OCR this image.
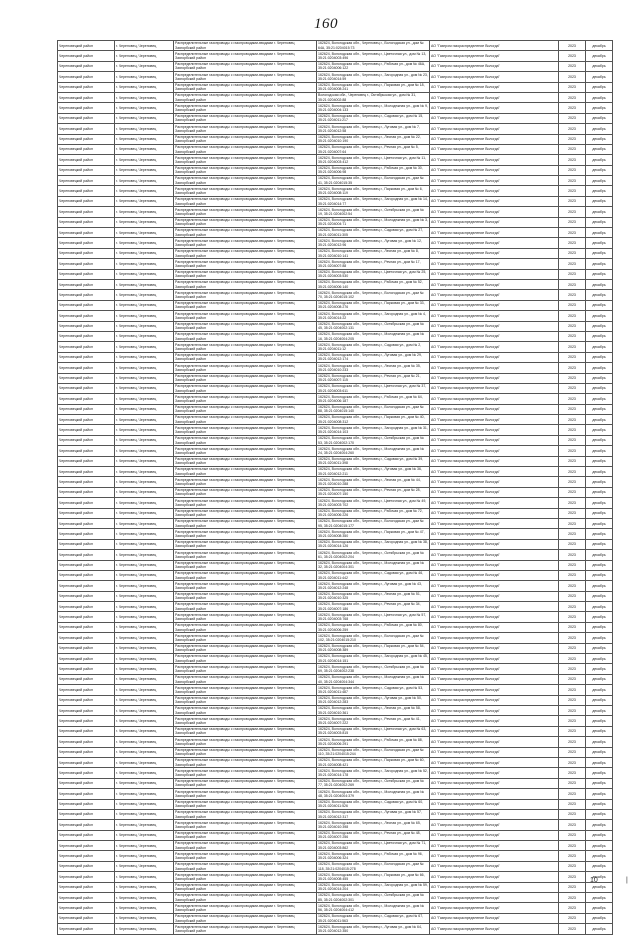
160
Череповецкий район	г. Череповец, Череповец	Распределительные газопроводы с газопроводами-вводами г. Череповец Заягорбский район	162624, Вологодская обл., Череповец г., Вологодская ул., дом № 64А, 35:21:0204015:73	АО "Газпром газораспределение Вологда"	2023	декабрь
Череповецкий район	г. Череповец, Череповец	Распределительные газопроводы с газопроводами-вводами г. Череповец Заягорбский район	162624, Вологодская обл., Череповец г., Цветочная ул., дом № 13, 35:21:0204003:496	АО "Газпром газораспределение Вологда"	2023	декабрь
Череповецкий район	г. Череповец, Череповец	Распределительные газопроводы с газопроводами-вводами г. Череповец Заягорбский район	162624, Вологодская обл., Череповец г., Рабочая ул., дом № 46А, 35:21:0204006:122	АО "Газпром газораспределение Вологда"	2023	декабрь
Череповецкий район	г. Череповец, Череповец	Распределительные газопроводы с газопроводами-вводами г. Череповец Заягорбский район	162624, Вологодская обл., Череповец г., Загородная ул., дом № 23, 35:21:0204014:59	АО "Газпром газораспределение Вологда"	2023	декабрь
Череповецкий район	г. Череповец, Череповец	Распределительные газопроводы с газопроводами-вводами г. Череповец Заягорбский район	162624, Вологодская обл., Череповец г., Парковая ул., дом № 18, 35:21:0204008:241	АО "Газпром газораспределение Вологда"	2023	декабрь
Череповецкий район	г. Череповец, Череповец	Распределительные газопроводы с газопроводами-вводами г. Череповец Заягорбский район	Вологодская обл., Череповец г., Октябрьская ул., дом № 31, 35:21:0204002:88	АО "Газпром газораспределение Вологда"	2023	декабрь
Череповецкий район	г. Череповец, Череповец	Распределительные газопроводы с газопроводами-вводами г. Череповец Заягорбский район	162624, Вологодская обл., Череповец г., Молодежная ул., дом № 9, 35:21:0204004:133	АО "Газпром газораспределение Вологда"	2023	декабрь
Череповецкий район	г. Череповец, Череповец	Распределительные газопроводы с газопроводами-вводами г. Череповец Заягорбский район	162624, Вологодская обл., Череповец г., Садовая ул., дом № 15, 35:21:0204011:217	АО "Газпром газораспределение Вологда"	2023	декабрь
Череповецкий район	г. Череповец, Череповец	Распределительные газопроводы с газопроводами-вводами г. Череповец Заягорбский район	162624, Вологодская обл., Череповец г., Луговая ул., дом № 7, 35:21:0204012:58	АО "Газпром газораспределение Вологда"	2023	декабрь
Череповецкий район	г. Череповец, Череповец	Распределительные газопроводы с газопроводами-вводами г. Череповец Заягорбский район	162624, Вологодская обл., Череповец г., Лесная ул., дом № 22, 35:21:0204010:190	АО "Газпром газораспределение Вологда"	2023	декабрь
Череповецкий район	г. Череповец, Череповец	Распределительные газопроводы с газопроводами-вводами г. Череповец Заягорбский район	162624, Вологодская обл., Череповец г., Речная ул., дом № 5, 35:21:0204007:64	АО "Газпром газораспределение Вологда"	2023	декабрь
Череповецкий район	г. Череповец, Череповец	Распределительные газопроводы с газопроводами-вводами г. Череповец Заягорбский район	162624, Вологодская обл., Череповец г., Цветочная ул., дом № 11, 35:21:0204003:412	АО "Газпром газораспределение Вологда"	2023	декабрь
Череповецкий район	г. Череповец, Череповец	Распределительные газопроводы с газопроводами-вводами г. Череповец Заягорбский район	162624, Вологодская обл., Череповец г., Рабочая ул., дом № 30, 35:21:0204006:98	АО "Газпром газораспределение Вологда"	2023	декабрь
Череповецкий район	г. Череповец, Череповец	Распределительные газопроводы с газопроводами-вводами г. Череповец Заягорбский район	162624, Вологодская обл., Череповец г., Вологодская ул., дом № 41, 35:21:0204015:35	АО "Газпром газораспределение Вологда"	2023	декабрь
Череповецкий район	г. Череповец, Череповец	Распределительные газопроводы с газопроводами-вводами г. Череповец Заягорбский район	162624, Вологодская обл., Череповец г., Парковая ул., дом № 6, 35:21:0204008:119	АО "Газпром газораспределение Вологда"	2023	декабрь
Череповецкий район	г. Череповец, Череповец	Распределительные газопроводы с газопроводами-вводами г. Череповец Заягорбский район	162624, Вологодская обл., Череповец г., Загородная ул., дом № 14, 35:21:0204014:77	АО "Газпром газораспределение Вологда"	2023	декабрь
Череповецкий район	г. Череповец, Череповец	Распределительные газопроводы с газопроводами-вводами г. Череповец Заягорбский район	162624, Вологодская обл., Череповец г., Октябрьская ул., дом № 19, 35:21:0204002:54	АО "Газпром газораспределение Вологда"	2023	декабрь
Череповецкий район	г. Череповец, Череповец	Распределительные газопроводы с газопроводами-вводами г. Череповец Заягорбский район	162624, Вологодская обл., Череповец г., Молодежная ул., дом № 3, 35:21:0204004:71	АО "Газпром газораспределение Вологда"	2023	декабрь
Череповецкий район	г. Череповец, Череповец	Распределительные газопроводы с газопроводами-вводами г. Череповец Заягорбский район	162624, Вологодская обл., Череповец г., Садовая ул., дом № 27, 35:21:0204011:305	АО "Газпром газораспределение Вологда"	2023	декабрь
Череповецкий район	г. Череповец, Череповец	Распределительные газопроводы с газопроводами-вводами г. Череповец Заягорбский район	162624, Вологодская обл., Череповец г., Луговая ул., дом № 12, 35:21:0204012:96	АО "Газпром газораспределение Вологда"	2023	декабрь
Череповецкий район	г. Череповец, Череповец	Распределительные газопроводы с газопроводами-вводами г. Череповец Заягорбский район	162624, Вологодская обл., Череповец г., Лесная ул., дом № 8, 35:21:0204010:141	АО "Газпром газораспределение Вологда"	2023	декабрь
Череповецкий район	г. Череповец, Череповец	Распределительные газопроводы с газопроводами-вводами г. Череповец Заягорбский район	162624, Вологодская обл., Череповец г., Речная ул., дом № 17, 35:21:0204007:88	АО "Газпром газораспределение Вологда"	2023	декабрь
Череповецкий район	г. Череповец, Череповец	Распределительные газопроводы с газопроводами-вводами г. Череповец Заягорбский район	162624, Вологодская обл., Череповец г., Цветочная ул., дом № 25, 35:21:0204003:530	АО "Газпром газораспределение Вологда"	2023	декабрь
Череповецкий район	г. Череповец, Череповец	Распределительные газопроводы с газопроводами-вводами г. Череповец Заягорбский район	162624, Вологодская обл., Череповец г., Рабочая ул., дом № 52, 35:21:0204006:140	АО "Газпром газораспределение Вологда"	2023	декабрь
Череповецкий район	г. Череповец, Череповец	Распределительные газопроводы с газопроводами-вводами г. Череповец Заягорбский район	162624, Вологодская обл., Череповец г., Вологодская ул., дом № 70, 35:21:0204015:102	АО "Газпром газораспределение Вологда"	2023	декабрь
Череповецкий район	г. Череповец, Череповец	Распределительные газопроводы с газопроводами-вводами г. Череповец Заягорбский район	162624, Вологодская обл., Череповец г., Парковая ул., дом № 33, 35:21:0204008:276	АО "Газпром газораспределение Вологда"	2023	декабрь
Череповецкий район	г. Череповец, Череповец	Распределительные газопроводы с газопроводами-вводами г. Череповец Заягорбский район	162624, Вологодская обл., Череповец г., Загородная ул., дом № 4, 35:21:0204014:22	АО "Газпром газораспределение Вологда"	2023	декабрь
Череповецкий район	г. Череповец, Череповец	Распределительные газопроводы с газопроводами-вводами г. Череповец Заягорбский район	162624, Вологодская обл., Череповец г., Октябрьская ул., дом № 45, 35:21:0204002:131	АО "Газпром газораспределение Вологда"	2023	декабрь
Череповецкий район	г. Череповец, Череповец	Распределительные газопроводы с газопроводами-вводами г. Череповец Заягорбский район	162624, Вологодская обл., Череповец г., Молодежная ул., дом № 16, 35:21:0204004:205	АО "Газпром газораспределение Вологда"	2023	декабрь
Череповецкий район	г. Череповец, Череповец	Распределительные газопроводы с газопроводами-вводами г. Череповец Заягорбский район	162624, Вологодская обл., Череповец г., Садовая ул., дом № 2, 35:21:0204011:12	АО "Газпром газораспределение Вологда"	2023	декабрь
Череповецкий район	г. Череповец, Череповец	Распределительные газопроводы с газопроводами-вводами г. Череповец Заягорбский район	162624, Вологодская обл., Череповец г., Луговая ул., дом № 29, 35:21:0204012:174	АО "Газпром газораспределение Вологда"	2023	декабрь
Череповецкий район	г. Череповец, Череповец	Распределительные газопроводы с газопроводами-вводами г. Череповец Заягорбский район	162624, Вологодская обл., Череповец г., Лесная ул., дом № 35, 35:21:0204010:233	АО "Газпром газораспределение Вологда"	2023	декабрь
Череповецкий район	г. Череповец, Череповец	Распределительные газопроводы с газопроводами-вводами г. Череповец Заягорбский район	162624, Вологодская обл., Череповец г., Речная ул., дом № 21, 35:21:0204007:115	АО "Газпром газораспределение Вологда"	2023	декабрь
Череповецкий район	г. Череповец, Череповец	Распределительные газопроводы с газопроводами-вводами г. Череповец Заягорбский район	162624, Вологодская обл., Череповец г., Цветочная ул., дом № 37, 35:21:0204003:611	АО "Газпром газораспределение Вологда"	2023	декабрь
Череповецкий район	г. Череповец, Череповец	Распределительные газопроводы с газопроводами-вводами г. Череповец Заягорбский район	162624, Вологодская обл., Череповец г., Рабочая ул., дом № 64, 35:21:0204006:187	АО "Газпром газораспределение Вологда"	2023	декабрь
Череповецкий район	г. Череповец, Череповец	Распределительные газопроводы с газопроводами-вводами г. Череповец Заягорбский район	162624, Вологодская обл., Череповец г., Вологодская ул., дом № 88, 35:21:0204015:140	АО "Газпром газораспределение Вологда"	2023	декабрь
Череповецкий район	г. Череповец, Череповец	Распределительные газопроводы с газопроводами-вводами г. Череповец Заягорбский район	162624, Вологодская обл., Череповец г., Парковая ул., дом № 40, 35:21:0204008:312	АО "Газпром газораспределение Вологда"	2023	декабрь
Череповецкий район	г. Череповец, Череповец	Распределительные газопроводы с газопроводами-вводами г. Череповец Заягорбский район	162624, Вологодская обл., Череповец г., Загородная ул., дом № 31, 35:21:0204014:103	АО "Газпром газораспределение Вологда"	2023	декабрь
Череповецкий район	г. Череповец, Череповец	Распределительные газопроводы с газопроводами-вводами г. Череповец Заягорбский район	162624, Вологодская обл., Череповец г., Октябрьская ул., дом № 53, 35:21:0204002:170	АО "Газпром газораспределение Вологда"	2023	декабрь
Череповецкий район	г. Череповец, Череповец	Распределительные газопроводы с газопроводами-вводами г. Череповец Заягорбский район	162624, Вологодская обл., Череповец г., Молодежная ул., дом № 24, 35:21:0204004:260	АО "Газпром газораспределение Вологда"	2023	декабрь
Череповецкий район	г. Череповец, Череповец	Распределительные газопроводы с газопроводами-вводами г. Череповец Заягорбский район	162624, Вологодская обл., Череповец г., Садовая ул., дом № 39, 35:21:0204011:398	АО "Газпром газораспределение Вологда"	2023	декабрь
Череповецкий район	г. Череповец, Череповец	Распределительные газопроводы с газопроводами-вводами г. Череповец Заягорбский район	162624, Вологодская обл., Череповец г., Луговая ул., дом № 36, 35:21:0204012:211	АО "Газпром газораспределение Вологда"	2023	декабрь
Череповецкий район	г. Череповец, Череповец	Распределительные газопроводы с газопроводами-вводами г. Череповец Заягорбский район	162624, Вологодская обл., Череповец г., Лесная ул., дом № 44, 35:21:0204010:288	АО "Газпром газораспределение Вологда"	2023	декабрь
Череповецкий район	г. Череповец, Череповец	Распределительные газопроводы с газопроводами-вводами г. Череповец Заягорбский район	162624, Вологодская обл., Череповец г., Речная ул., дом № 28, 35:21:0204007:150	АО "Газпром газораспределение Вологда"	2023	декабрь
Череповецкий район	г. Череповец, Череповец	Распределительные газопроводы с газопроводами-вводами г. Череповец Заягорбский район	162624, Вологодская обл., Череповец г., Цветочная ул., дом № 49, 35:21:0204003:702	АО "Газпром газораспределение Вологда"	2023	декабрь
Череповецкий район	г. Череповец, Череповец	Распределительные газопроводы с газопроводами-вводами г. Череповец Заягорбский район	162624, Вологодская обл., Череповец г., Рабочая ул., дом № 72, 35:21:0204006:226	АО "Газпром газораспределение Вологда"	2023	декабрь
Череповецкий район	г. Череповец, Череповец	Распределительные газопроводы с газопроводами-вводами г. Череповец Заягорбский район	162624, Вологодская обл., Череповец г., Вологодская ул., дом № 95, 35:21:0204015:177	АО "Газпром газораспределение Вологда"	2023	декабрь
Череповецкий район	г. Череповец, Череповец	Распределительные газопроводы с газопроводами-вводами г. Череповец Заягорбский район	162624, Вологодская обл., Череповец г., Парковая ул., дом № 47, 35:21:0204008:350	АО "Газпром газораспределение Вологда"	2023	декабрь
Череповецкий район	г. Череповец, Череповец	Распределительные газопроводы с газопроводами-вводами г. Череповец Заягорбский район	162624, Вологодская обл., Череповец г., Загородная ул., дом № 38, 35:21:0204014:126	АО "Газпром газораспределение Вологда"	2023	декабрь
Череповецкий район	г. Череповец, Череповец	Распределительные газопроводы с газопроводами-вводами г. Череповец Заягорбский район	162624, Вологодская обл., Череповец г., Октябрьская ул., дом № 61, 35:21:0204002:204	АО "Газпром газораспределение Вологда"	2023	декабрь
Череповецкий район	г. Череповец, Череповец	Распределительные газопроводы с газопроводами-вводами г. Череповец Заягорбский район	162624, Вологодская обл., Череповец г., Молодежная ул., дом № 32, 35:21:0204004:301	АО "Газпром газораспределение Вологда"	2023	декабрь
Череповецкий район	г. Череповец, Череповец	Распределительные газопроводы с газопроводами-вводами г. Череповец Заягорбский район	162624, Вологодская обл., Череповец г., Садовая ул., дом № 46, 35:21:0204011:442	АО "Газпром газораспределение Вологда"	2023	декабрь
Череповецкий район	г. Череповец, Череповец	Распределительные газопроводы с газопроводами-вводами г. Череповец Заягорбский район	162624, Вологодская обл., Череповец г., Луговая ул., дом № 43, 35:21:0204012:248	АО "Газпром газораспределение Вологда"	2023	декабрь
Череповецкий район	г. Череповец, Череповец	Распределительные газопроводы с газопроводами-вводами г. Череповец Заягорбский район	162624, Вологодская обл., Череповец г., Лесная ул., дом № 51, 35:21:0204010:325	АО "Газпром газораспределение Вологда"	2023	декабрь
Череповецкий район	г. Череповец, Череповец	Распределительные газопроводы с газопроводами-вводами г. Череповец Заягорбский район	162624, Вологодская обл., Череповец г., Речная ул., дом № 34, 35:21:0204007:186	АО "Газпром газораспределение Вологда"	2023	декабрь
Череповецкий район	г. Череповец, Череповец	Распределительные газопроводы с газопроводами-вводами г. Череповец Заягорбский район	162624, Вологодская обл., Череповец г., Цветочная ул., дом № 57, 35:21:0204003:768	АО "Газпром газораспределение Вологда"	2023	декабрь
Череповецкий район	г. Череповец, Череповец	Распределительные газопроводы с газопроводами-вводами г. Череповец Заягорбский район	162624, Вологодская обл., Череповец г., Рабочая ул., дом № 80, 35:21:0204006:259	АО "Газпром газораспределение Вологда"	2023	декабрь
Череповецкий район	г. Череповец, Череповец	Распределительные газопроводы с газопроводами-вводами г. Череповец Заягорбский район	162624, Вологодская обл., Череповец г., Вологодская ул., дом № 102, 35:21:0204015:210	АО "Газпром газораспределение Вологда"	2023	декабрь
Череповецкий район	г. Череповец, Череповец	Распределительные газопроводы с газопроводами-вводами г. Череповец Заягорбский район	162624, Вологодская обл., Череповец г., Парковая ул., дом № 54, 35:21:0204008:389	АО "Газпром газораспределение Вологда"	2023	декабрь
Череповецкий район	г. Череповец, Череповец	Распределительные газопроводы с газопроводами-вводами г. Череповец Заягорбский район	162624, Вологодская обл., Череповец г., Загородная ул., дом № 45, 35:21:0204014:151	АО "Газпром газораспределение Вологда"	2023	декабрь
Череповецкий район	г. Череповец, Череповец	Распределительные газопроводы с газопроводами-вводами г. Череповец Заягорбский район	162624, Вологодская обл., Череповец г., Октябрьская ул., дом № 69, 35:21:0204002:238	АО "Газпром газораспределение Вологда"	2023	декабрь
Череповецкий район	г. Череповец, Череповец	Распределительные газопроводы с газопроводами-вводами г. Череповец Заягорбский район	162624, Вологодская обл., Череповец г., Молодежная ул., дом № 40, 35:21:0204004:344	АО "Газпром газораспределение Вологда"	2023	декабрь
Череповецкий район	г. Череповец, Череповец	Распределительные газопроводы с газопроводами-вводами г. Череповец Заягорбский район	162624, Вологодская обл., Череповец г., Садовая ул., дом № 53, 35:21:0204011:487	АО "Газпром газораспределение Вологда"	2023	декабрь
Череповецкий район	г. Череповец, Череповец	Распределительные газопроводы с газопроводами-вводами г. Череповец Заягорбский район	162624, Вологодская обл., Череповец г., Луговая ул., дом № 50, 35:21:0204012:283	АО "Газпром газораспределение Вологда"	2023	декабрь
Череповецкий район	г. Череповец, Череповец	Распределительные газопроводы с газопроводами-вводами г. Череповец Заягорбский район	162624, Вологодская обл., Череповец г., Лесная ул., дом № 58, 35:21:0204010:361	АО "Газпром газораспределение Вологда"	2023	декабрь
Череповецкий район	г. Череповец, Череповец	Распределительные газопроводы с газопроводами-вводами г. Череповец Заягорбский район	162624, Вологодская обл., Череповец г., Речная ул., дом № 41, 35:21:0204007:222	АО "Газпром газораспределение Вологда"	2023	декабрь
Череповецкий район	г. Череповец, Череповец	Распределительные газопроводы с газопроводами-вводами г. Череповец Заягорбский район	162624, Вологодская обл., Череповец г., Цветочная ул., дом № 63, 35:21:0204003:815	АО "Газпром газораспределение Вологда"	2023	декабрь
Череповецкий район	г. Череповец, Череповец	Распределительные газопроводы с газопроводами-вводами г. Череповец Заягорбский район	162624, Вологодская обл., Череповец г., Рабочая ул., дом № 88, 35:21:0204006:291	АО "Газпром газораспределение Вологда"	2023	декабрь
Череповецкий район	г. Череповец, Череповец	Распределительные газопроводы с газопроводами-вводами г. Череповец Заягорбский район	162624, Вологодская обл., Череповец г., Вологодская ул., дом № 110, 35:21:0204015:244	АО "Газпром газораспределение Вологда"	2023	декабрь
Череповецкий район	г. Череповец, Череповец	Распределительные газопроводы с газопроводами-вводами г. Череповец Заягорбский район	162624, Вологодская обл., Череповец г., Парковая ул., дом № 60, 35:21:0204008:421	АО "Газпром газораспределение Вологда"	2023	декабрь
Череповецкий район	г. Череповец, Череповец	Распределительные газопроводы с газопроводами-вводами г. Череповец Заягорбский район	162624, Вологодская обл., Череповец г., Загородная ул., дом № 52, 35:21:0204014:178	АО "Газпром газораспределение Вологда"	2023	декабрь
Череповецкий район	г. Череповец, Череповец	Распределительные газопроводы с газопроводами-вводами г. Череповец Заягорбский район	162624, Вологодская обл., Череповец г., Октябрьская ул., дом № 77, 35:21:0204002:269	АО "Газпром газораспределение Вологда"	2023	декабрь
Череповецкий район	г. Череповец, Череповец	Распределительные газопроводы с газопроводами-вводами г. Череповец Заягорбский район	162624, Вологодская обл., Череповец г., Молодежная ул., дом № 48, 35:21:0204004:379	АО "Газпром газораспределение Вологда"	2023	декабрь
Череповецкий район	г. Череповец, Череповец	Распределительные газопроводы с газопроводами-вводами г. Череповец Заягорбский район	162624, Вологодская обл., Череповец г., Садовая ул., дом № 60, 35:21:0204011:526	АО "Газпром газораспределение Вологда"	2023	декабрь
Череповецкий район	г. Череповец, Череповец	Распределительные газопроводы с газопроводами-вводами г. Череповец Заягорбский район	162624, Вологодская обл., Череповец г., Луговая ул., дом № 57, 35:21:0204012:317	АО "Газпром газораспределение Вологда"	2023	декабрь
Череповецкий район	г. Череповец, Череповец	Распределительные газопроводы с газопроводами-вводами г. Череповец Заягорбский район	162624, Вологодская обл., Череповец г., Лесная ул., дом № 65, 35:21:0204010:398	АО "Газпром газораспределение Вологда"	2023	декабрь
Череповецкий район	г. Череповец, Череповец	Распределительные газопроводы с газопроводами-вводами г. Череповец Заягорбский район	162624, Вологодская обл., Череповец г., Речная ул., дом № 48, 35:21:0204007:256	АО "Газпром газораспределение Вологда"	2023	декабрь
Череповецкий район	г. Череповец, Череповец	Распределительные газопроводы с газопроводами-вводами г. Череповец Заягорбский район	162624, Вологодская обл., Череповец г., Цветочная ул., дом № 71, 35:21:0204003:862	АО "Газпром газораспределение Вологда"	2023	декабрь
Череповецкий район	г. Череповец, Череповец	Распределительные газопроводы с газопроводами-вводами г. Череповец Заягорбский район	162624, Вологодская обл., Череповец г., Рабочая ул., дом № 96, 35:21:0204006:324	АО "Газпром газораспределение Вологда"	2023	декабрь
Череповецкий район	г. Череповец, Череповец	Распределительные газопроводы с газопроводами-вводами г. Череповец Заягорбский район	162624, Вологодская обл., Череповец г., Вологодская ул., дом № 118, 35:21:0204015:278	АО "Газпром газораспределение Вологда"	2023	декабрь
Череповецкий район	г. Череповец, Череповец	Распределительные газопроводы с газопроводами-вводами г. Череповец Заягорбский район	162624, Вологодская обл., Череповец г., Парковая ул., дом № 66, 35:21:0204008:455	АО "Газпром газораспределение Вологда"	2023	декабрь
Череповецкий район	г. Череповец, Череповец	Распределительные газопроводы с газопроводами-вводами г. Череповец Заягорбский район	162624, Вологодская обл., Череповец г., Загородная ул., дом № 59, 35:21:0204014:204	АО "Газпром газораспределение Вологда"	2023	декабрь
Череповецкий район	г. Череповец, Череповец	Распределительные газопроводы с газопроводами-вводами г. Череповец Заягорбский район	162624, Вологодская обл., Череповец г., Октябрьская ул., дом № 85, 35:21:0204002:301	АО "Газпром газораспределение Вологда"	2023	декабрь
Череповецкий район	г. Череповец, Череповец	Распределительные газопроводы с газопроводами-вводами г. Череповец Заягорбский район	162624, Вологодская обл., Череповец г., Молодежная ул., дом № 56, 35:21:0204004:412	АО "Газпром газораспределение Вологда"	2023	декабрь
Череповецкий район	г. Череповец, Череповец	Распределительные газопроводы с газопроводами-вводами г. Череповец Заягорбский район	162624, Вологодская обл., Череповец г., Садовая ул., дом № 67, 35:21:0204011:563	АО "Газпром газораспределение Вологда"	2023	декабрь
Череповецкий район	г. Череповец, Череповец	Распределительные газопроводы с газопроводами-вводами г. Череповец Заягорбский район	162624, Вологодская обл., Череповец г., Луговая ул., дом № 64, 35:21:0204012:350	АО "Газпром газораспределение Вологда"	2023	декабрь
10	|
